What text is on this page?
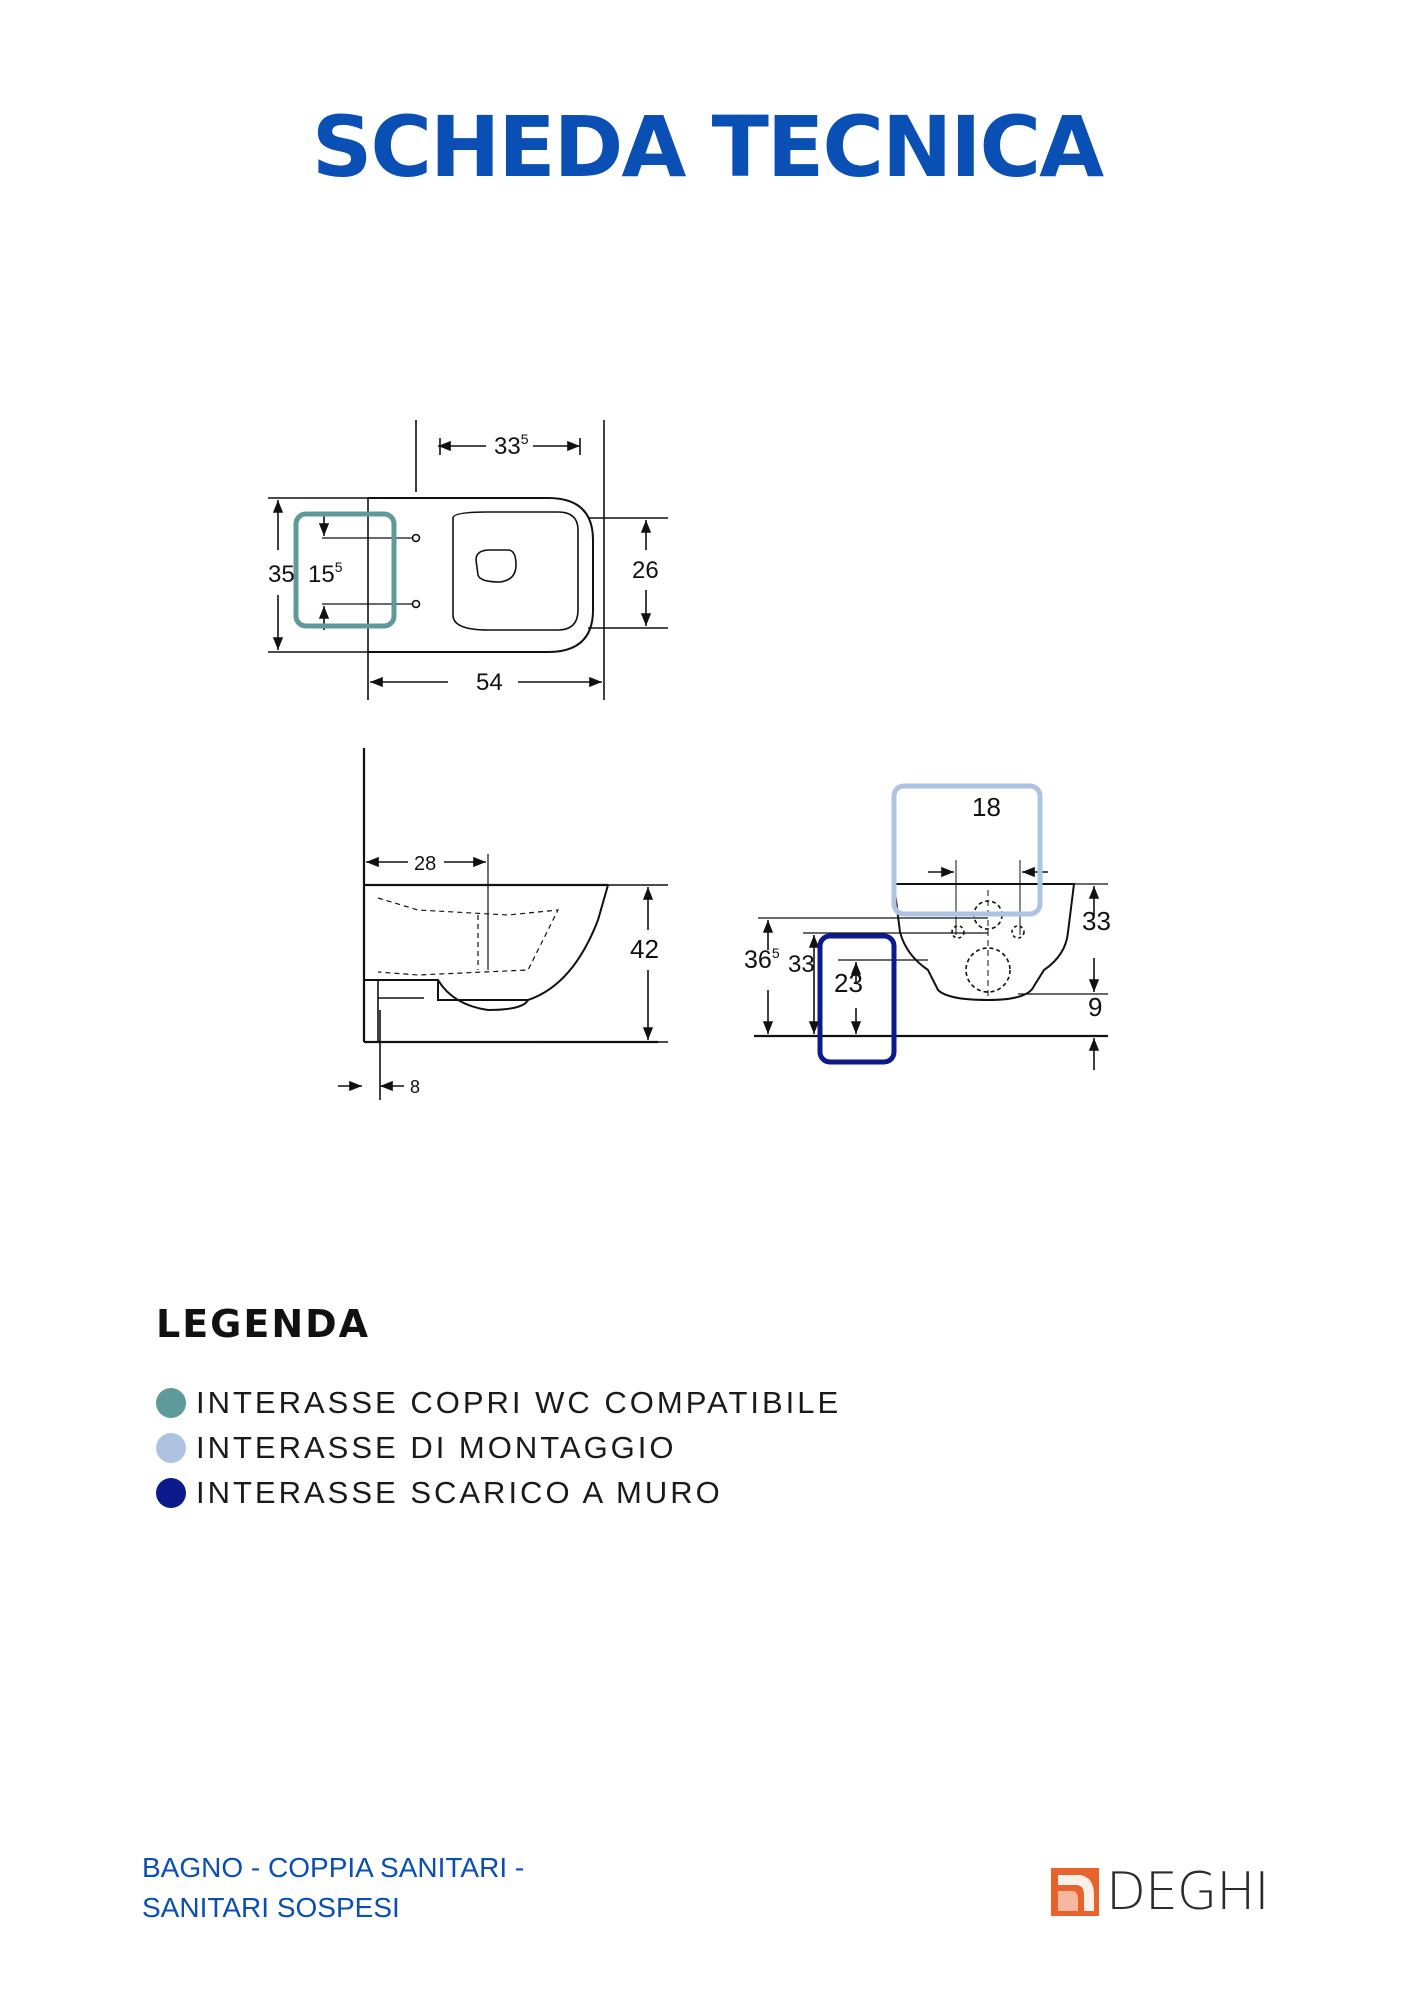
SCHEDA TECNICA
$33^5$
54
35 $15^5$	26
28
42
8
18
33
9
$36^5$ 33
23
LEGENDA
INTERASSE COPRI WC COMPATIBILE
INTERASSE DI MONTAGGIO
INTERASSE SCARICO A MURO
BAGNO - COPPIA SANITARI -
SANITARI SOSPESI	DEGHI
